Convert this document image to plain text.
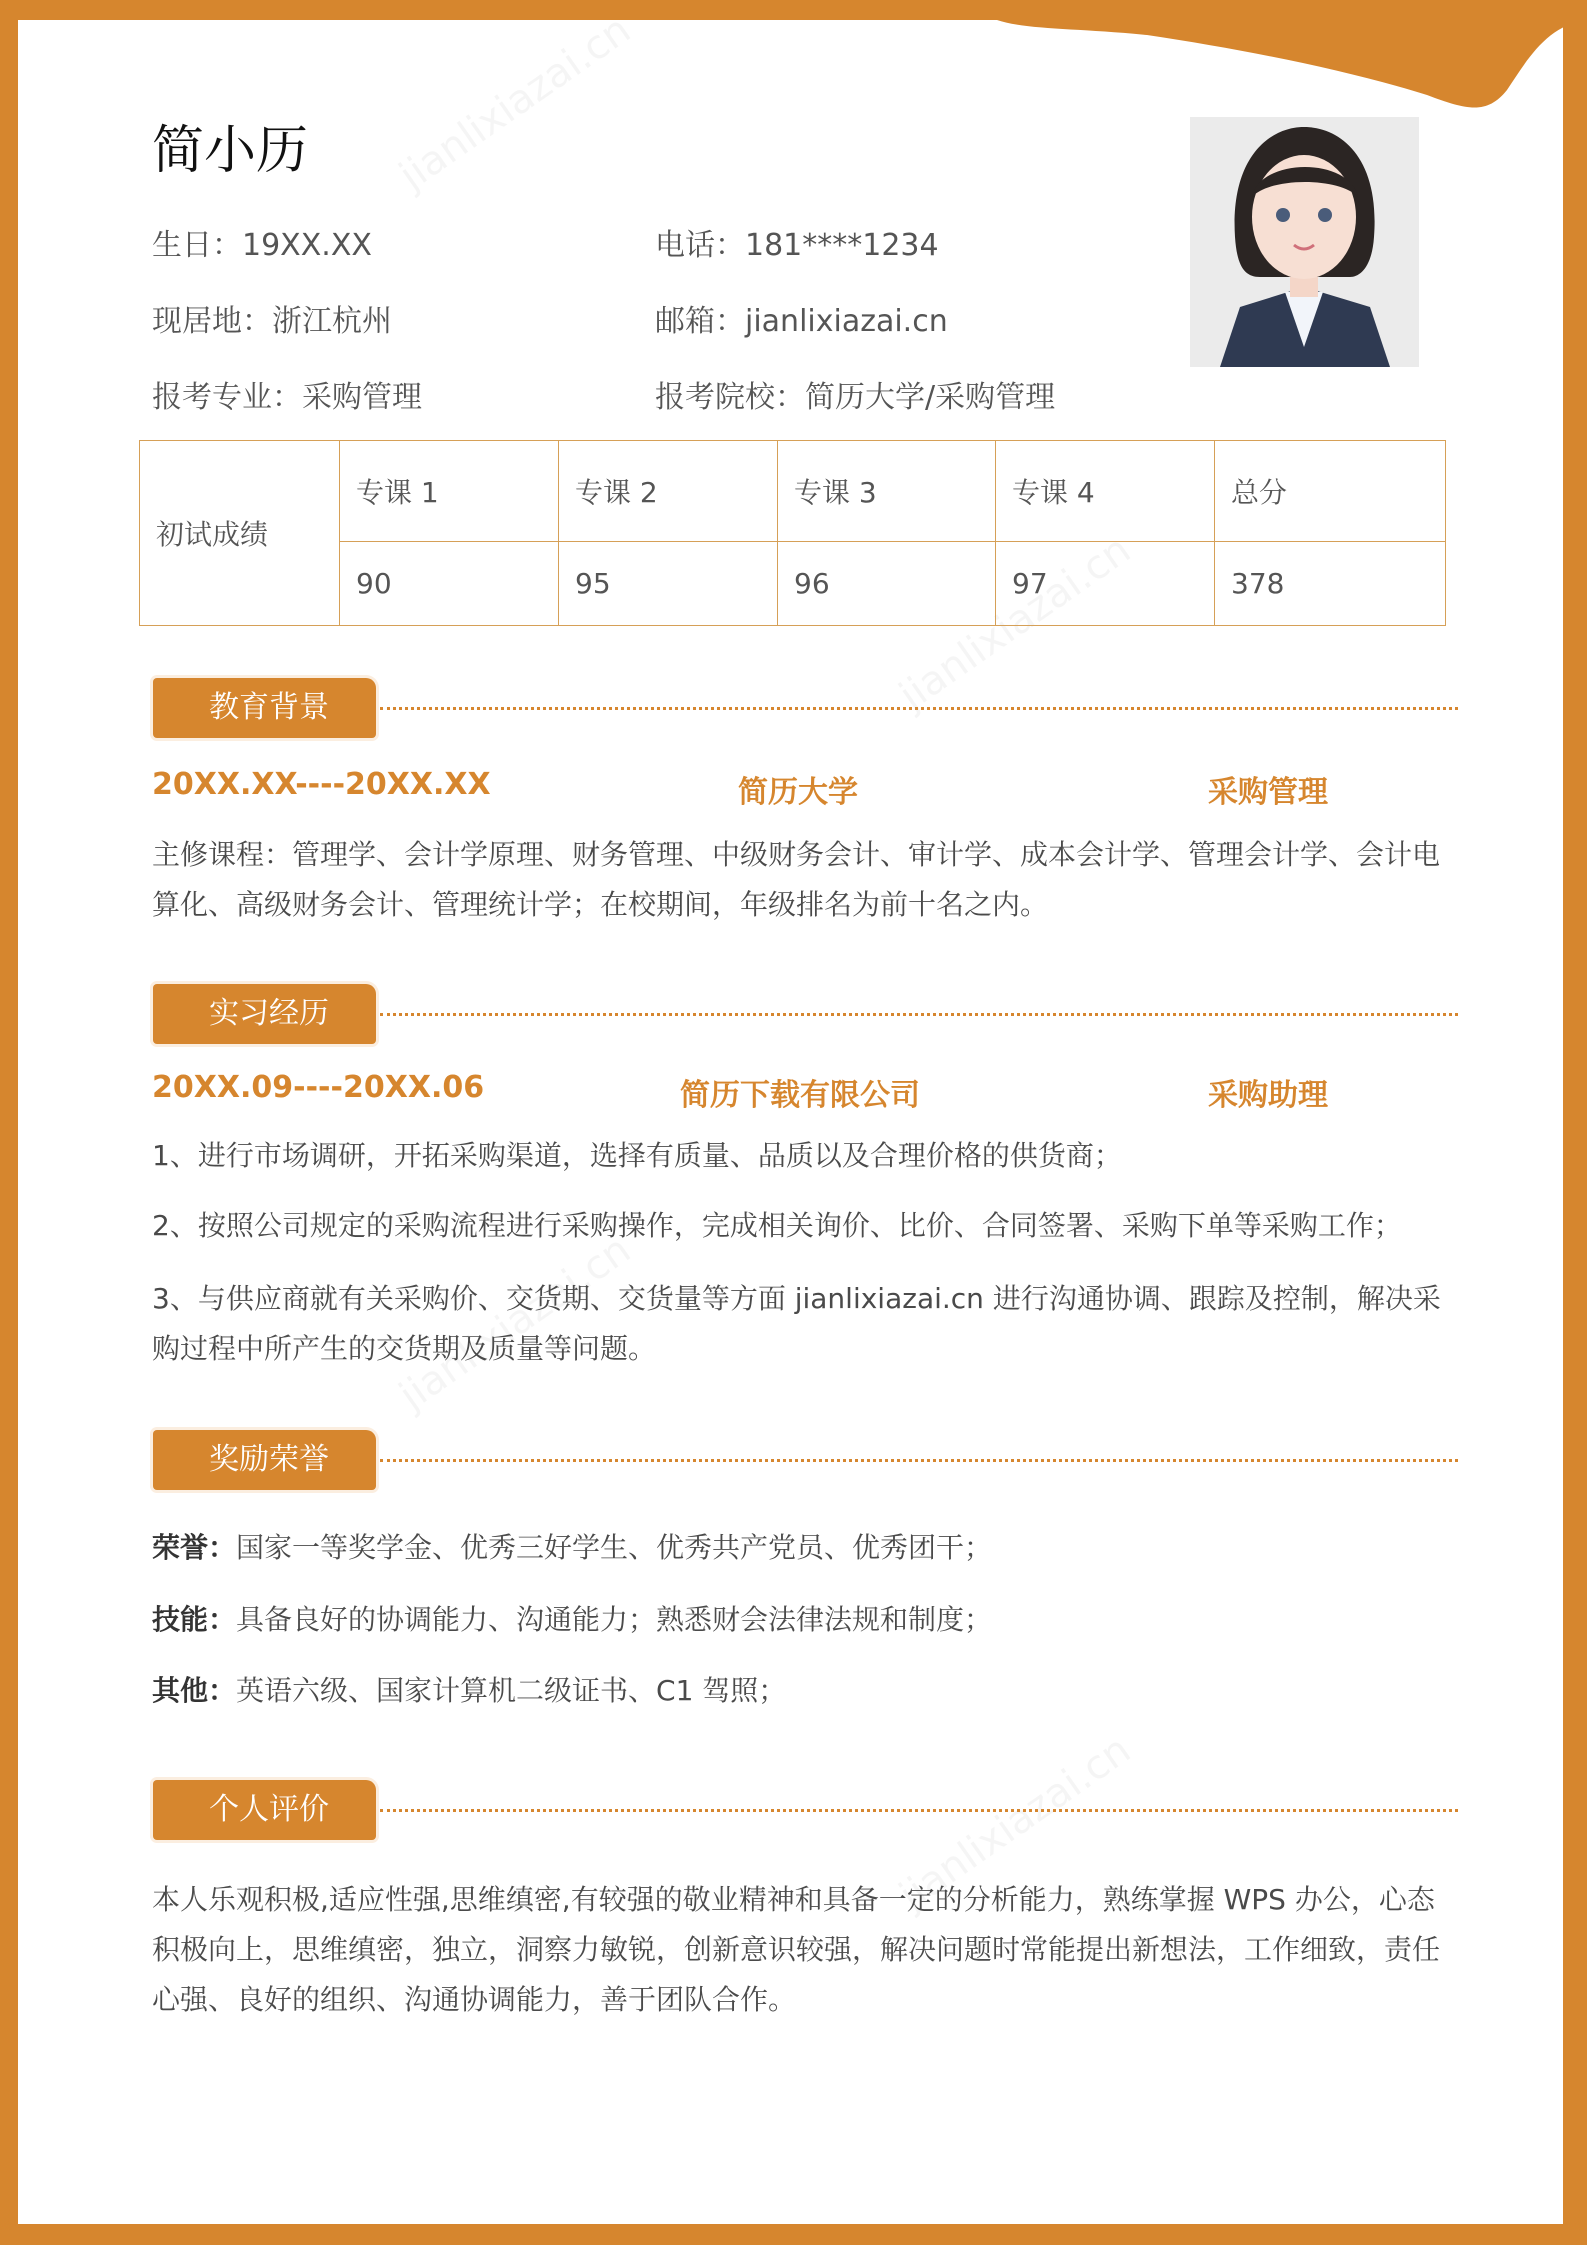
简小历
生日：19XX.XX	电话：181****1234
现居地：浙江杭州	邮箱：jianlixiazai.cn
报考专业：采购管理	报考院校：简历大学/采购管理
初试成绩	专课 1	专课 2	专课 3	专课 4	总分
	90	95	96	97	378
教育背景
20XX.XX----20XX.XX	简历大学	采购管理
主修课程：管理学、会计学原理、财务管理、中级财务会计、审计学、成本会计学、管理会计学、会计电算化、高级财务会计、管理统计学；在校期间，年级排名为前十名之内。
实习经历
20XX.09----20XX.06	简历下载有限公司	采购助理
1、进行市场调研，开拓采购渠道，选择有质量、品质以及合理价格的供货商；
2、按照公司规定的采购流程进行采购操作，完成相关询价、比价、合同签署、采购下单等采购工作；
3、与供应商就有关采购价、交货期、交货量等方面 jianlixiazai.cn 进行沟通协调、跟踪及控制，解决采购过程中所产生的交货期及质量等问题。
奖励荣誉
荣誉：国家一等奖学金、优秀三好学生、优秀共产党员、优秀团干；
技能：具备良好的协调能力、沟通能力；熟悉财会法律法规和制度；
其他：英语六级、国家计算机二级证书、C1 驾照；
个人评价
本人乐观积极,适应性强,思维缜密,有较强的敬业精神和具备一定的分析能力，熟练掌握 WPS 办公，心态积极向上，思维缜密，独立，洞察力敏锐，创新意识较强，解决问题时常能提出新想法，工作细致，责任心强、良好的组织、沟通协调能力，善于团队合作。
